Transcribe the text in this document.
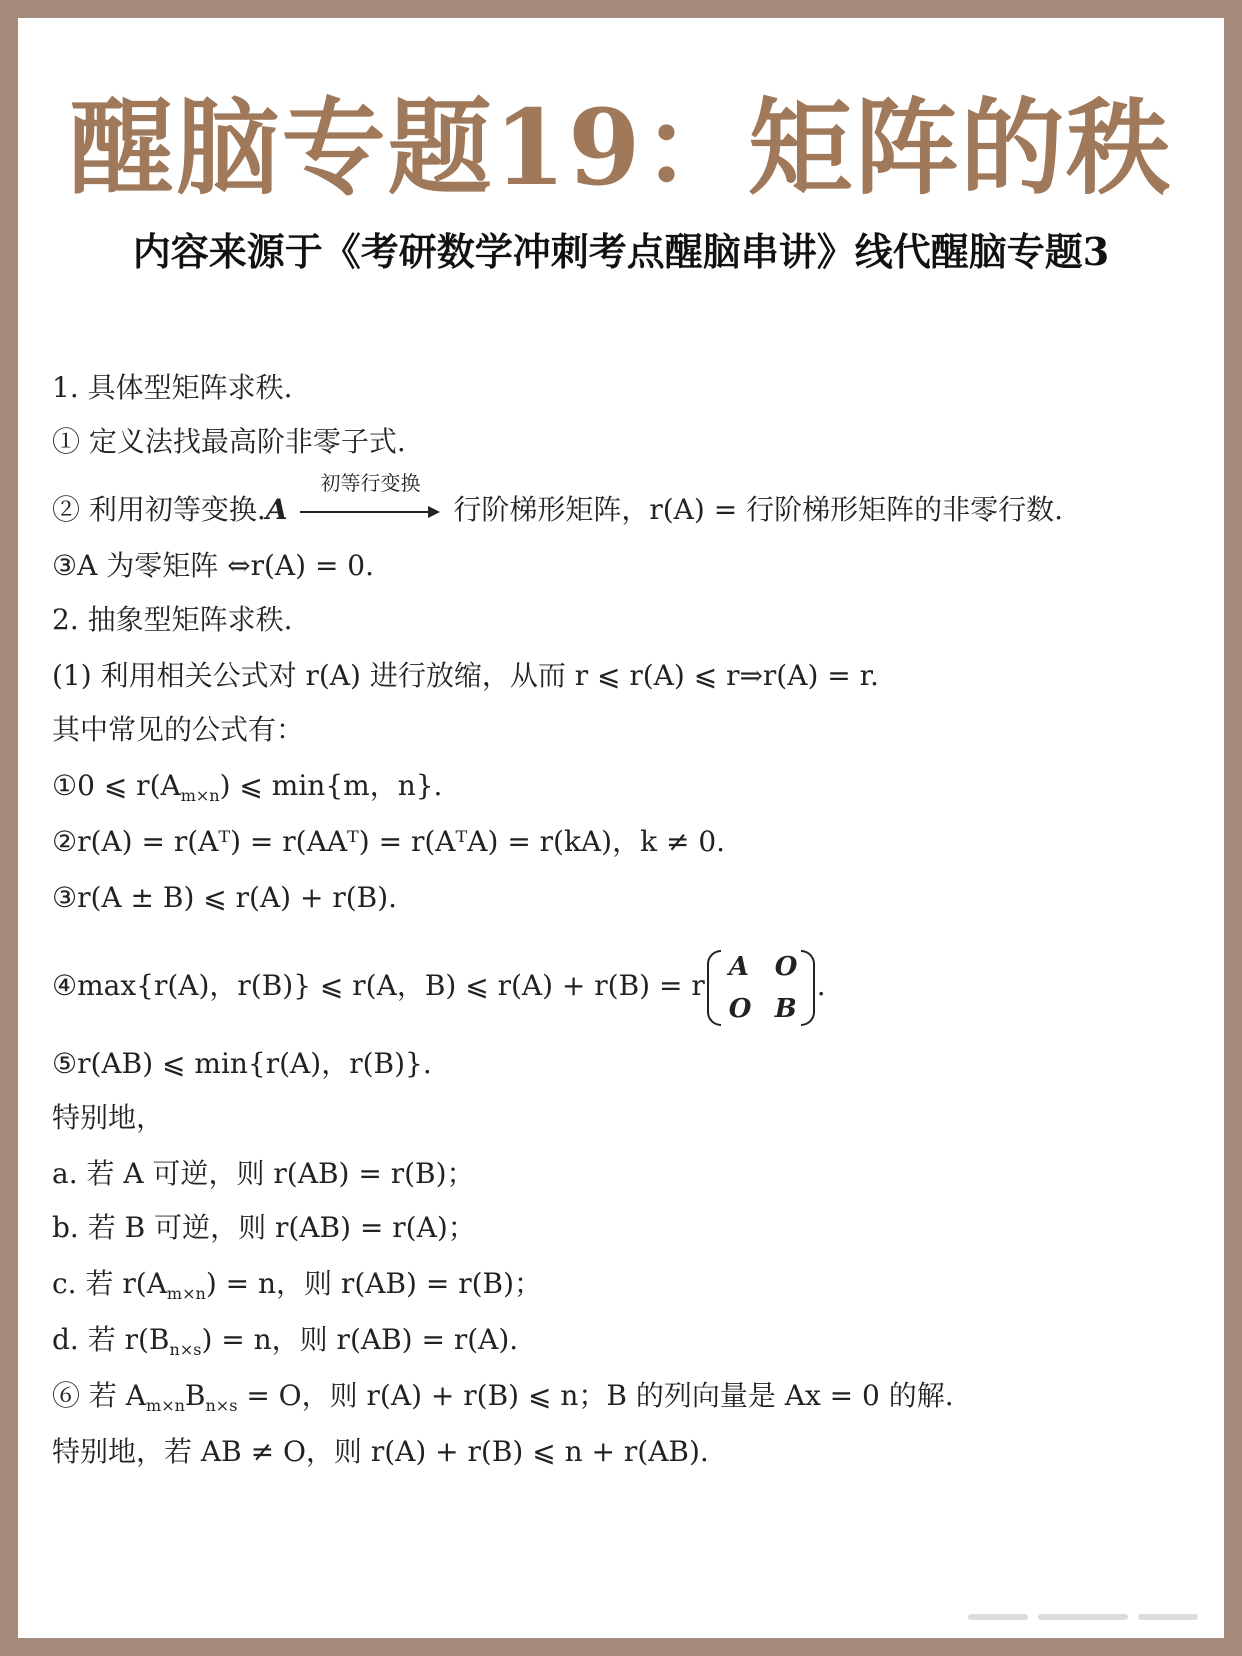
醒脑专题19：矩阵的秩
内容来源于《考研数学冲刺考点醒脑串讲》线代醒脑专题3
1. 具体型矩阵求秩.
① 定义法找最高阶非零子式.
② 利用初等变换.A
初等行变换
行阶梯形矩阵，r(A) = 行阶梯形矩阵的非零行数.
③A 为零矩阵 ⇔r(A) = 0.
2. 抽象型矩阵求秩.
(1) 利用相关公式对 r(A) 进行放缩，从而 r ⩽ r(A) ⩽ r⇒r(A) = r.
其中常见的公式有：
①0 ⩽ $r(A_{m\times n})$ ⩽ min{m，n}.
②r(A) = r(Aᵀ) = r(AAᵀ) = r(AᵀA) = r(kA)，k ≠ 0.
③r(A ± B) ⩽ r(A) + r(B).
④max{r(A)，r(B)} ⩽ r(A，B) ⩽ r(A) + r(B) = r
A O
O B
.
⑤r(AB) ⩽ min{r(A)，r(B)}.
特别地，
a. 若 A 可逆，则 r(AB) = r(B)；
b. 若 B 可逆，则 r(AB) = r(A)；
c. 若 $r(A_{m\times n}) = n$，则 r(AB) = r(B)；
d. 若 $r(B_{n\times s}) = n$，则 r(AB) = r(A).
⑥ 若 $A_{m\times n}B_{n\times s} = O$，则 r(A) + r(B) ⩽ n；B 的列向量是 Ax = 0 的解.
特别地，若 AB ≠ O，则 r(A) + r(B) ⩽ n + r(AB).
